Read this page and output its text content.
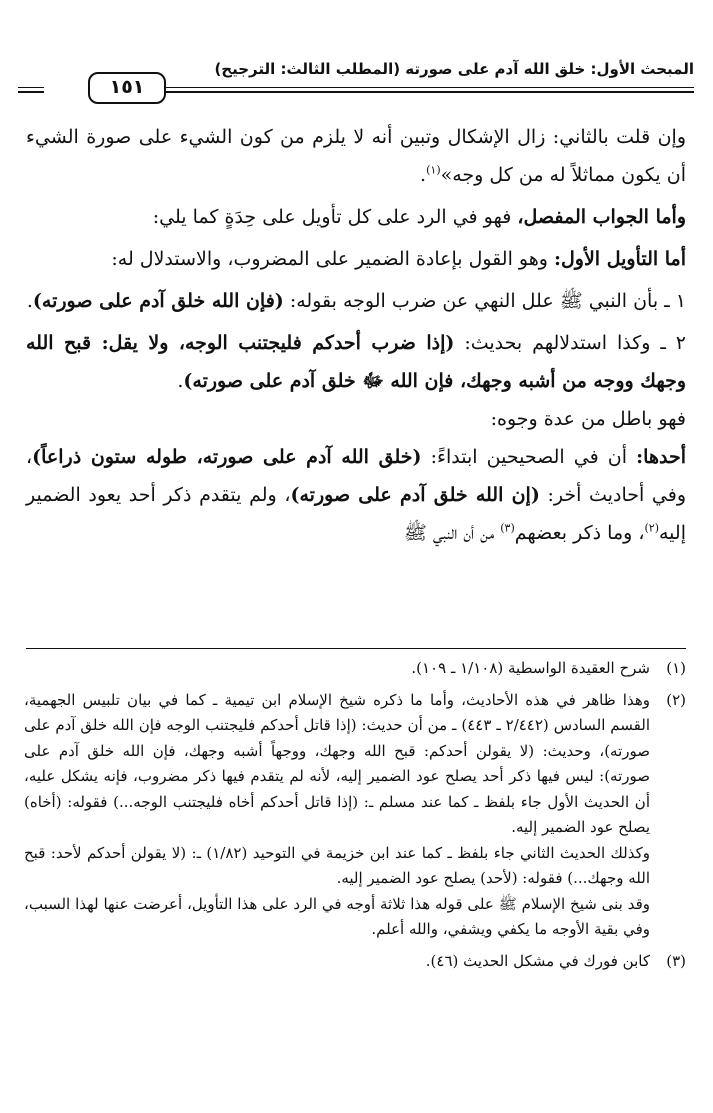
المبحث الأول: خلق الله آدم على صورته (المطلب الثالث: الترجيح)
١٥١

وإن قلت بالثاني: زال الإشكال وتبين أنه لا يلزم من كون الشيء على صورة الشيء أن يكون مماثلاً له من كل وجه»$^{(١)}$.

وأما الجواب المفصل، فهو في الرد على كل تأويل على حِدَةٍ كما يلي:

أما التأويل الأول: وهو القول بإعادة الضمير على المضروب، والاستدلال له:

١ ـ بأن النبي ﷺ علل النهي عن ضرب الوجه بقوله: (فإن الله خلق آدم على صورته).

٢ ـ وكذا استدلالهم بحديث: (إذا ضرب أحدكم فليجتنب الوجه، ولا يقل: قبح الله وجهك ووجه من أشبه وجهك، فإن الله ﷻ خلق آدم على صورته).

فهو باطل من عدة وجوه:

أحدها: أن في الصحيحين ابتداءً: (خلق الله آدم على صورته، طوله ستون ذراعاً)، وفي أحاديث أخر: (إن الله خلق آدم على صورته)، ولم يتقدم ذكر أحد يعود الضمير إليه$^{(٢)}$، وما ذكر بعضهم$^{(٣)}$ من أن النبي ﷺ

(١)

شرح العقيدة الواسطية (١/١٠٨ ـ ١٠٩).

(٢)

وهذا ظاهر في هذه الأحاديث، وأما ما ذكره شيخ الإسلام ابن تيمية ـ كما في بيان تلبيس الجهمية، القسم السادس (٢/٤٤٢ ـ ٤٤٣) ـ من أن حديث: (إذا قاتل أحدكم فليجتنب الوجه فإن الله خلق آدم على صورته)، وحديث: (لا يقولن أحدكم: قبح الله وجهك، ووجهاً أشبه وجهك، فإن الله خلق آدم على صورته): ليس فيها ذكر أحد يصلح عود الضمير إليه، لأنه لم يتقدم فيها ذكر مضروب، فإنه يشكل عليه، أن الحديث الأول جاء بلفظ ـ كما عند مسلم ـ: (إذا قاتل أحدكم أخاه فليجتنب الوجه...) فقوله: (أخاه) يصلح عود الضمير إليه.

وكذلك الحديث الثاني جاء بلفظ ـ كما عند ابن خزيمة في التوحيد (١/٨٢) ـ: (لا يقولن أحدكم لأحد: قبح الله وجهك...) فقوله: (لأحد) يصلح عود الضمير إليه.

وقد بنى شيخ الإسلام ﷺ على قوله هذا ثلاثة أوجه في الرد على هذا التأويل، أعرضت عنها لهذا السبب، وفي بقية الأوجه ما يكفي ويشفي، والله أعلم.

(٣)

كابن فورك في مشكل الحديث (٤٦).
